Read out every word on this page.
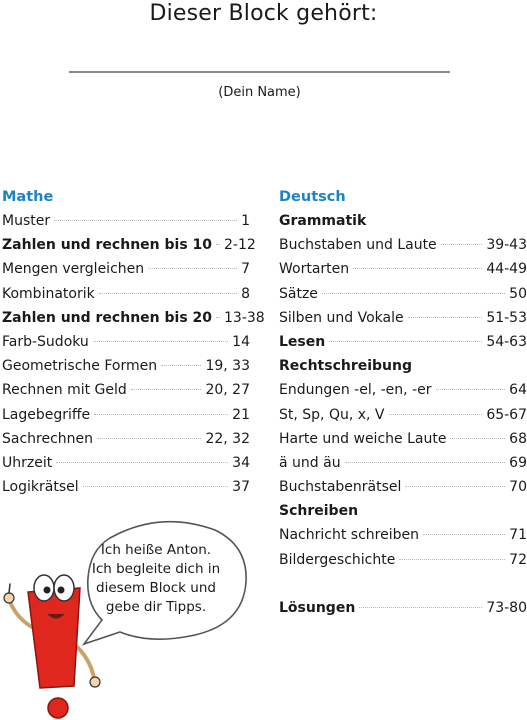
Dieser Block gehört:
(Dein Name)
Mathe
Muster	1
Zahlen und rechnen bis 10 2-12
Mengen vergleichen	7
Kombinatorik	8
Zahlen und rechnen bis 20 13-38
Farb-Sudoku	14
Geometrische Formen	19, 33
Rechnen mit Geld	20, 27
Lagebegriffe	21
Sachrechnen	22, 32
Uhrzeit	34
Logikrätsel	37
Deutsch
Grammatik
Buchstaben und Laute	39-43
Wortarten	44-49
Sätze	50
Silben und Vokale	51-53
Lesen	54-63
Rechtschreibung
Endungen -el, -en, -er	64
St, Sp, Qu, x, V	65-67
Harte und weiche Laute	68
ä und äu	69
Buchstabenrätsel	70
Schreiben
Nachricht schreiben	71
Bildergeschichte	72
Lösungen	73-80
Ich heiße Anton.
Ich begleite dich in
diesem Block und
gebe dir Tipps.
